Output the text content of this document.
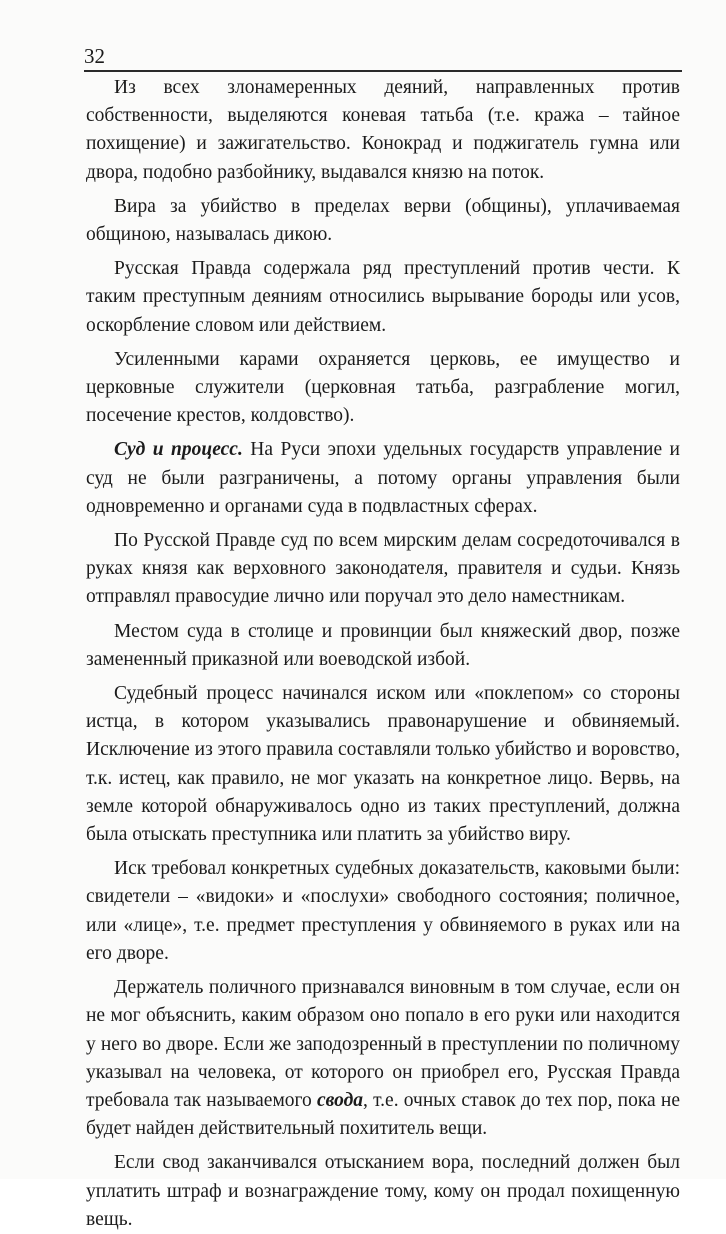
32

Из всех злонамеренных деяний, направленных против собственности, выделяются коневая татьба (т.е. кража – тайное похищение) и зажигательство. Конокрад и поджигатель гумна или двора, подобно разбойнику, выдавался князю на поток.

Вира за убийство в пределах верви (общины), уплачиваемая общиною, называлась дикою.

Русская Правда содержала ряд преступлений против чести. К таким преступным деяниям относились вырывание бороды или усов, оскорбление словом или действием.

Усиленными карами охраняется церковь, ее имущество и церковные служители (церковная татьба, разграбление могил, посечение крестов, колдовство).

Суд и процесс. На Руси эпохи удельных государств управление и суд не были разграничены, а потому органы управления были одновременно и органами суда в подвластных сферах.

По Русской Правде суд по всем мирским делам сосредоточивался в руках князя как верховного законодателя, правителя и судьи. Князь отправлял правосудие лично или поручал это дело наместникам.

Местом суда в столице и провинции был княжеский двор, позже замененный приказной или воеводской избой.

Судебный процесс начинался иском или «поклепом» со стороны истца, в котором указывались правонарушение и обвиняемый. Исключение из этого правила составляли только убийство и воровство, т.к. истец, как правило, не мог указать на конкретное лицо. Вервь, на земле которой обнаруживалось одно из таких преступлений, должна была отыскать преступника или платить за убийство виру.

Иск требовал конкретных судебных доказательств, каковыми были: свидетели – «видоки» и «послухи» свободного состояния; поличное, или «лице», т.е. предмет преступления у обвиняемого в руках или на его дворе.

Держатель поличного признавался виновным в том случае, если он не мог объяснить, каким образом оно попало в его руки или находится у него во дворе. Если же заподозренный в преступлении по поличному указывал на человека, от которого он приобрел его, Русская Правда требовала так называемого свода, т.е. очных ставок до тех пор, пока не будет найден действительный похититель вещи.

Если свод заканчивался отысканием вора, последний должен был уплатить штраф и вознаграждение тому, кому он продал похищенную вещь.
